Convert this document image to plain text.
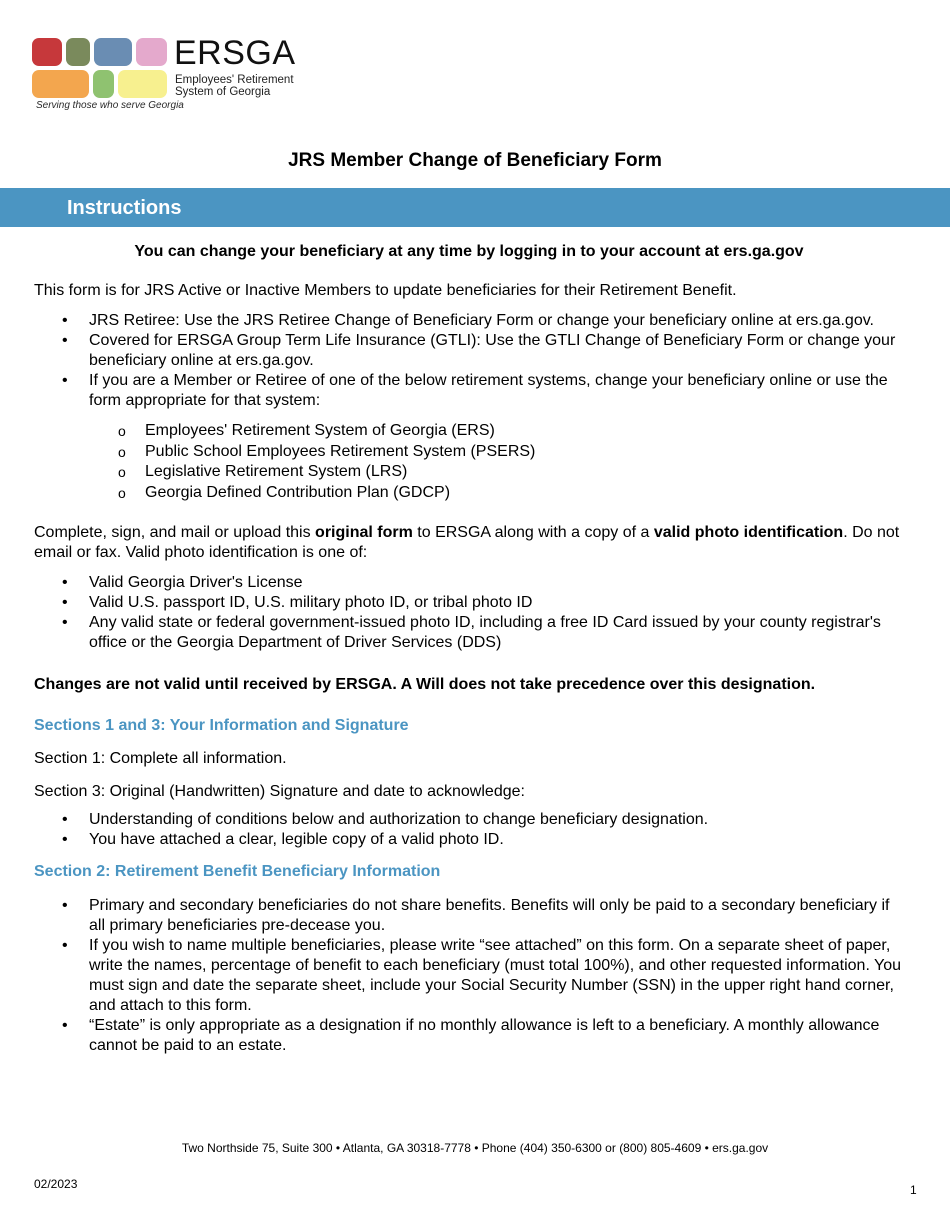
ERSGA
Employees' Retirement
System of Georgia
Serving those who serve Georgia
JRS Member Change of Beneficiary Form
Instructions

You can change your beneficiary at any time by logging in to your account at ers.ga.gov

This form is for JRS Active or Inactive Members to update beneficiaries for their Retirement Benefit.

• JRS Retiree: Use the JRS Retiree Change of Beneficiary Form or change your beneficiary online at ers.ga.gov.
• Covered for ERSGA Group Term Life Insurance (GTLI): Use the GTLI Change of Beneficiary Form or change your beneficiary online at ers.ga.gov.
• If you are a Member or Retiree of one of the below retirement systems, change your beneficiary online or use the form appropriate for that system:
o Employees' Retirement System of Georgia (ERS)
o Public School Employees Retirement System (PSERS)
o Legislative Retirement System (LRS)
o Georgia Defined Contribution Plan (GDCP)

Complete, sign, and mail or upload this original form to ERSGA along with a copy of a valid photo identification. Do not email or fax. Valid photo identification is one of:

• Valid Georgia Driver's License
• Valid U.S. passport ID, U.S. military photo ID, or tribal photo ID
• Any valid state or federal government-issued photo ID, including a free ID Card issued by your county registrar's office or the Georgia Department of Driver Services (DDS)

Changes are not valid until received by ERSGA. A Will does not take precedence over this designation.

Sections 1 and 3: Your Information and Signature

Section 1: Complete all information.

Section 3: Original (Handwritten) Signature and date to acknowledge:

• Understanding of conditions below and authorization to change beneficiary designation.
• You have attached a clear, legible copy of a valid photo ID.
Section 2: Retirement Benefit Beneficiary Information
• Primary and secondary beneficiaries do not share benefits. Benefits will only be paid to a secondary beneficiary if all primary beneficiaries pre-decease you.
• If you wish to name multiple beneficiaries, please write “see attached” on this form. On a separate sheet of paper, write the names, percentage of benefit to each beneficiary (must total 100%), and other requested information. You must sign and date the separate sheet, include your Social Security Number (SSN) in the upper right hand corner, and attach to this form.
• “Estate” is only appropriate as a designation if no monthly allowance is left to a beneficiary. A monthly allowance cannot be paid to an estate.
Two Northside 75, Suite 300 • Atlanta, GA 30318-7778 • Phone (404) 350-6300 or (800) 805-4609 • ers.ga.gov
02/2023	1
